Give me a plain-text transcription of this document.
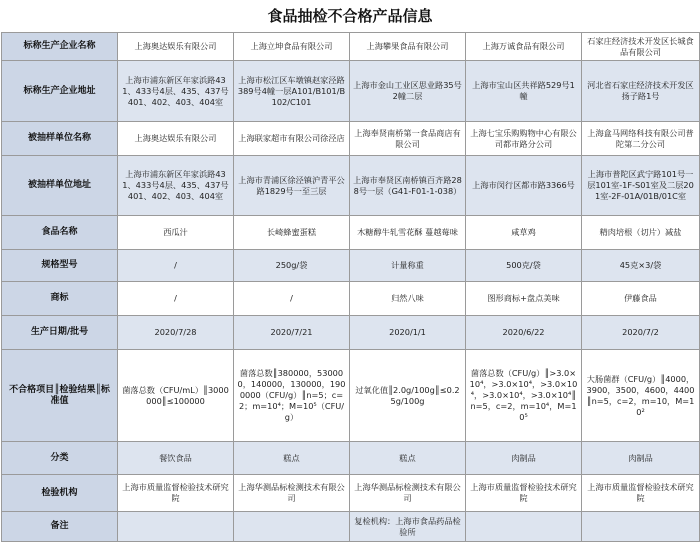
食品抽检不合格产品信息
标称生产企业名称	上海奥达娱乐有限公司	上海立坤食品有限公司	上海攀果食品有限公司	上海万诚食品有限公司	石家庄经济技术开发区长城食品有限公司
标称生产企业地址	上海市浦东新区年家浜路431、433号4层、435、437号401、402、403、404室	上海市松江区车墩镇赵家泾路389号4幢一层A101/B101/B102/C101	上海市金山工业区思业路35号2幢二层	上海市宝山区共祥路529号1幢	河北省石家庄经济技术开发区扬子路1号
被抽样单位名称	上海奥达娱乐有限公司	上海联家超市有限公司徐泾店	上海奉贤南桥第一食品商店有限公司	上海七宝乐购购物中心有限公司都市路分公司	上海盒马网络科技有限公司普陀第二分公司
被抽样单位地址	上海市浦东新区年家浜路431、433号4层、435、437号401、402、403、404室	上海市青浦区徐泾镇沪青平公路1829号一至三层	上海市奉贤区南桥镇百齐路288号一层（G41-F01-1-038）	上海市闵行区都市路3366号	上海市普陀区武宁路101号一层101室-1F-S01室及二层201室-2F-01A/01B/01C室
食品名称	西瓜汁	长崎蜂蜜蛋糕	木糖醇牛轧雪花酥 蔓越莓味	咸草鸡	精肉培根（切片）减盐
规格型号	/	250g/袋	计量称重	500克/袋	45克×3/袋
商标	/	/	归然八味	图形商标+盘点美味	伊藤食品
生产日期/批号	2020/7/28	2020/7/21	2020/1/1	2020/6/22	2020/7/2
不合格项目║检验结果║标准值	菌落总数（CFU/mL）║3000000║≤100000	菌落总数║380000，530000，140000，130000，1900000（CFU/g）║n=5；c=2；m=10⁴；M=10⁵（CFU/g）	过氧化值║2.0g/100g║≤0.25g/100g	菌落总数（CFU/g）║>3.0×10⁴，>3.0×10⁴，>3.0×10⁴，>3.0×10⁴，>3.0×10⁴║n=5，c=2，m=10⁴，M=10⁵	大肠菌群（CFU/g）║4000，3900，3500，4600，4400║n=5，c=2，m=10，M=10²
分类	餐饮食品	糕点	糕点	肉制品	肉制品
检验机构	上海市质量监督检验技术研究院	上海华测品标检测技术有限公司	上海华测品标检测技术有限公司	上海市质量监督检验技术研究院	上海市质量监督检验技术研究院
备注			复检机构：上海市食品药品检验所		
